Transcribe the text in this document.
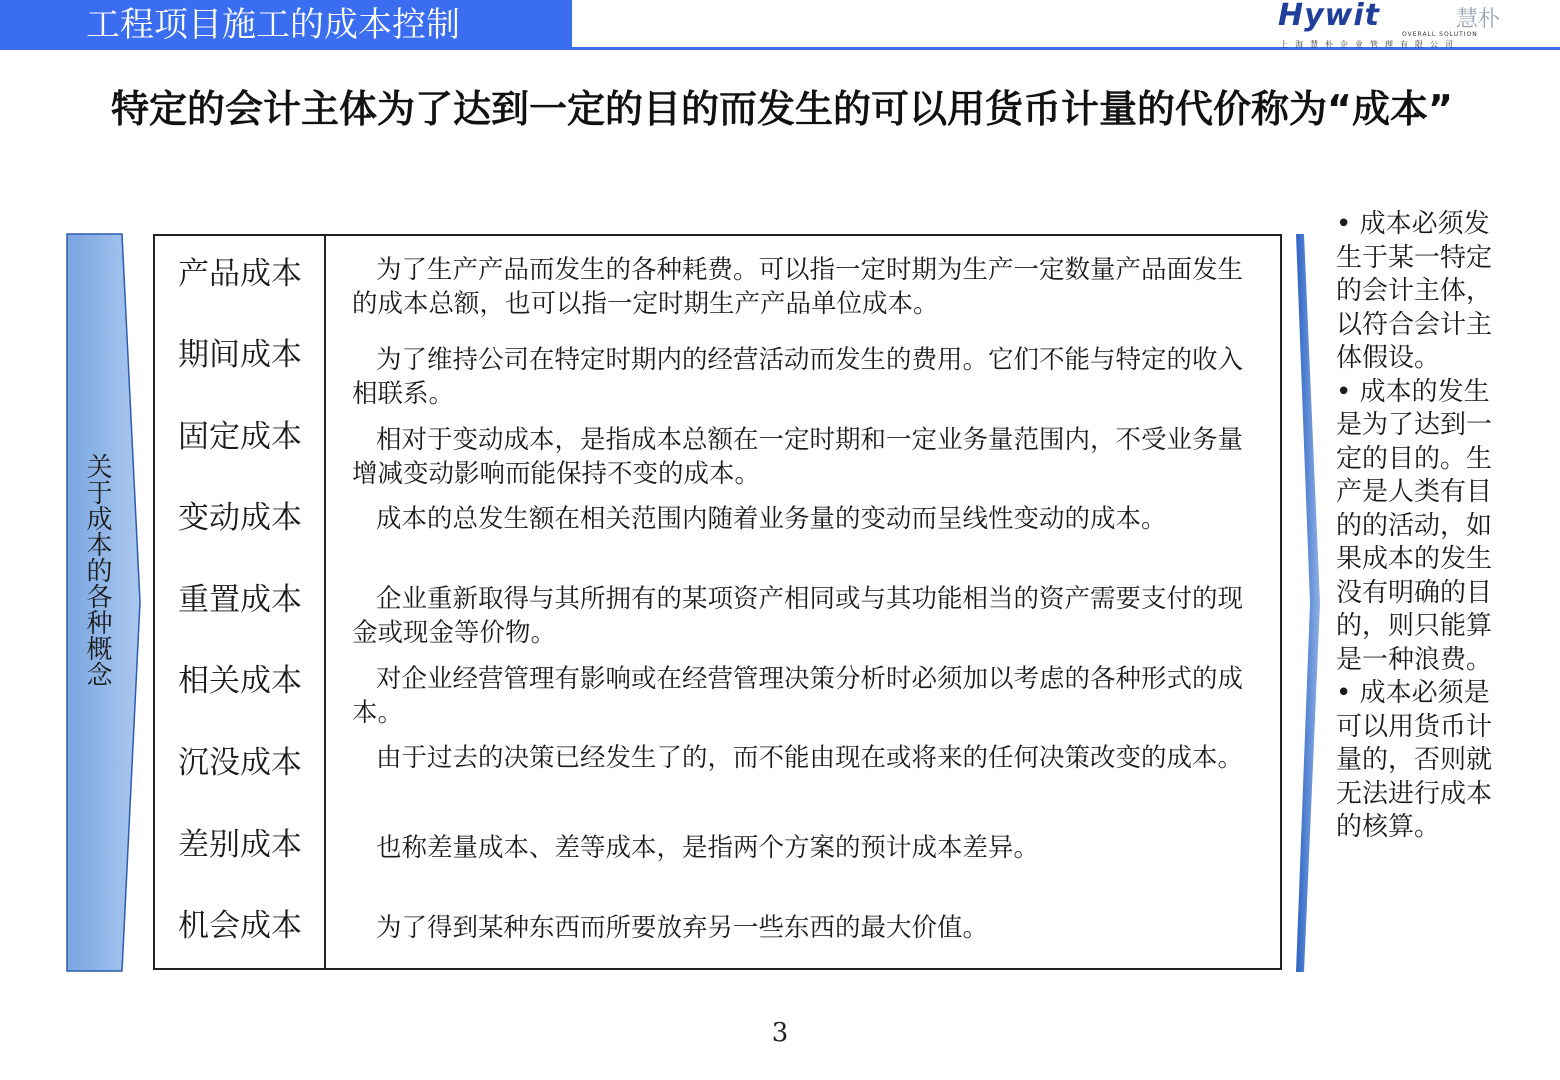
工程项目施工的成本控制	Hywit	慧朴
OVERALL SOLUTION
上海慧朴企业管理有限公司
特定的会计主体为了达到一定的目的而发生的可以用货币计量的代价称为“成本”
关于成本的各种概念
产品成本	为了生产产品而发生的各种耗费。可以指一定时期为生产一定数量产品面发生的成本总额，也可以指一定时期生产产品单位成本。
期间成本	为了维持公司在特定时期内的经营活动而发生的费用。它们不能与特定的收入相联系。
固定成本	相对于变动成本，是指成本总额在一定时期和一定业务量范围内，不受业务量增减变动影响而能保持不变的成本。
变动成本	成本的总发生额在相关范围内随着业务量的变动而呈线性变动的成本。
重置成本	企业重新取得与其所拥有的某项资产相同或与其功能相当的资产需要支付的现金或现金等价物。
相关成本	对企业经营管理有影响或在经营管理决策分析时必须加以考虑的各种形式的成本。
沉没成本	由于过去的决策已经发生了的，而不能由现在或将来的任何决策改变的成本。
差别成本	也称差量成本、差等成本，是指两个方案的预计成本差异。
机会成本	为了得到某种东西而所要放弃另一些东西的最大价值。
• 成本必须发生于某一特定的会计主体，以符合会计主体假设。
• 成本的发生是为了达到一定的目的。生产是人类有目的的活动，如果成本的发生没有明确的目的，则只能算是一种浪费。
• 成本必须是可以用货币计量的，否则就无法进行成本的核算。
3
